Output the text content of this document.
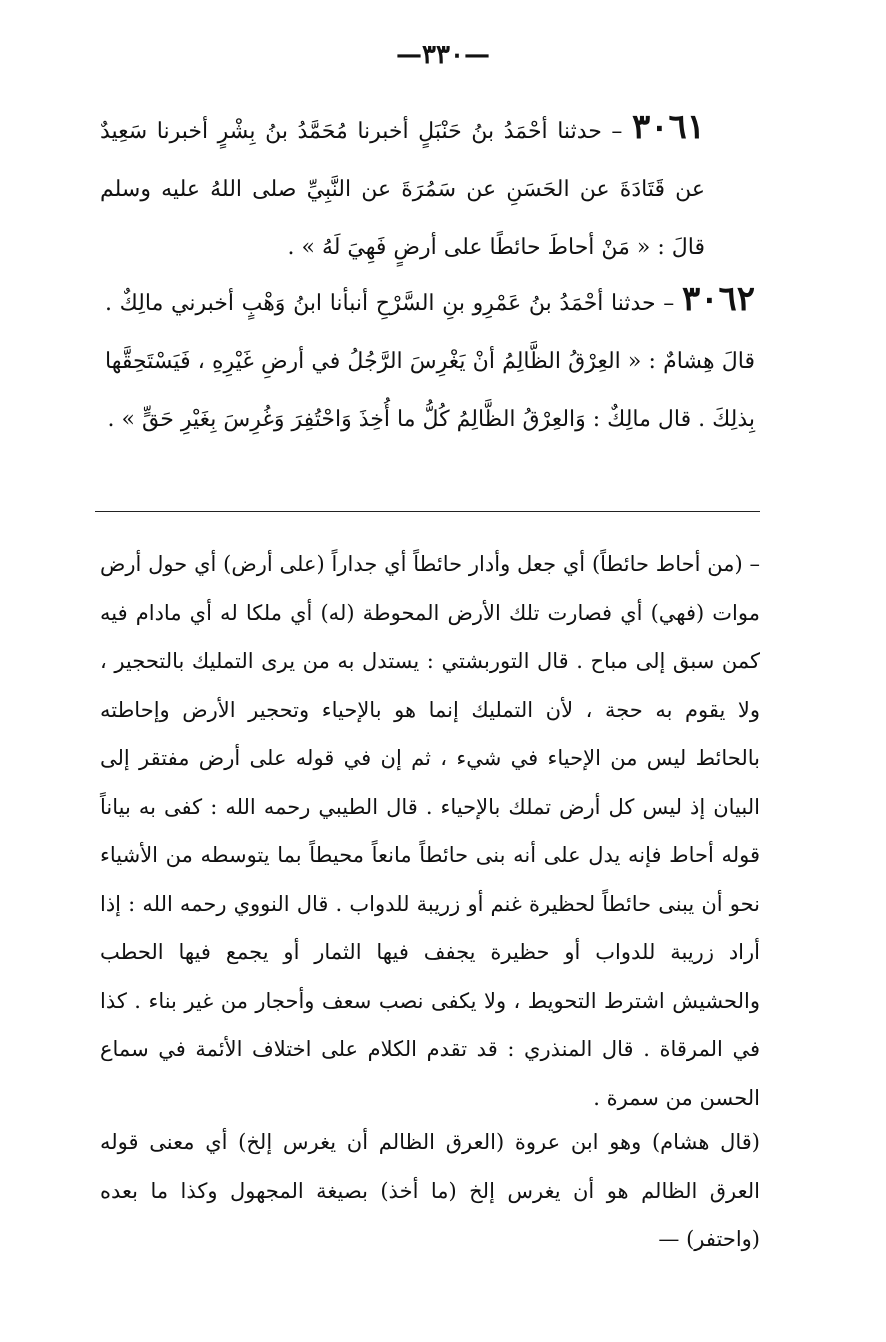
—٣٣٠—
٣٠٦١ – حدثنا أحْمَدُ بنُ حَنْبَلٍ أخبرنا مُحَمَّدُ بنُ بِشْرٍ أخبرنا سَعِيدٌ عن قَتَادَةَ عن الحَسَنِ عن سَمُرَةَ عن النَّبِيِّ صلى اللهُ عليه وسلم قالَ : « مَنْ أحاطَ حائطًا على أرضٍ فَهِيَ لَهُ » .
٣٠٦٢ – حدثنا أحْمَدُ بنُ عَمْرِو بنِ السَّرْحِ أنبأنا ابنُ وَهْبٍ أخبرني مالِكٌ . قالَ هِشامٌ : « العِرْقُ الظَّالِمُ أنْ يَغْرِسَ الرَّجُلُ في أرضِ غَيْرِهِ ، فَيَسْتَحِقَّها بِذلِكَ . قال مالِكٌ : وَالعِرْقُ الظَّالِمُ كُلُّ ما أُخِذَ وَاحْتُفِرَ وَغُرِسَ بِغَيْرِ حَقٍّ » .
– (من أحاط حائطاً) أي جعل وأدار حائطاً أي جداراً (على أرض) أي حول أرض موات (فهي) أي فصارت تلك الأرض المحوطة (له) أي ملكا له أي مادام فيه كمن سبق إلى مباح . قال التوربشتي : يستدل به من يرى التمليك بالتحجير ، ولا يقوم به حجة ، لأن التمليك إنما هو بالإحياء وتحجير الأرض وإحاطته بالحائط ليس من الإحياء في شيء ، ثم إن في قوله على أرض مفتقر إلى البيان إذ ليس كل أرض تملك بالإحياء . قال الطيبي رحمه الله : كفى به بياناً قوله أحاط فإنه يدل على أنه بنى حائطاً مانعاً محيطاً بما يتوسطه من الأشياء نحو أن يبنى حائطاً لحظيرة غنم أو زريبة للدواب . قال النووي رحمه الله : إذا أراد زريبة للدواب أو حظيرة يجفف فيها الثمار أو يجمع فيها الحطب والحشيش اشترط التحويط ، ولا يكفى نصب سعف وأحجار من غير بناء . كذا في المرقاة . قال المنذري : قد تقدم الكلام على اختلاف الأئمة في سماع الحسن من سمرة .
(قال هشام) وهو ابن عروة (العرق الظالم أن يغرس إلخ) أي معنى قوله العرق الظالم هو أن يغرس إلخ (ما أخذ) بصيغة المجهول وكذا ما بعده (واحتفر) —
